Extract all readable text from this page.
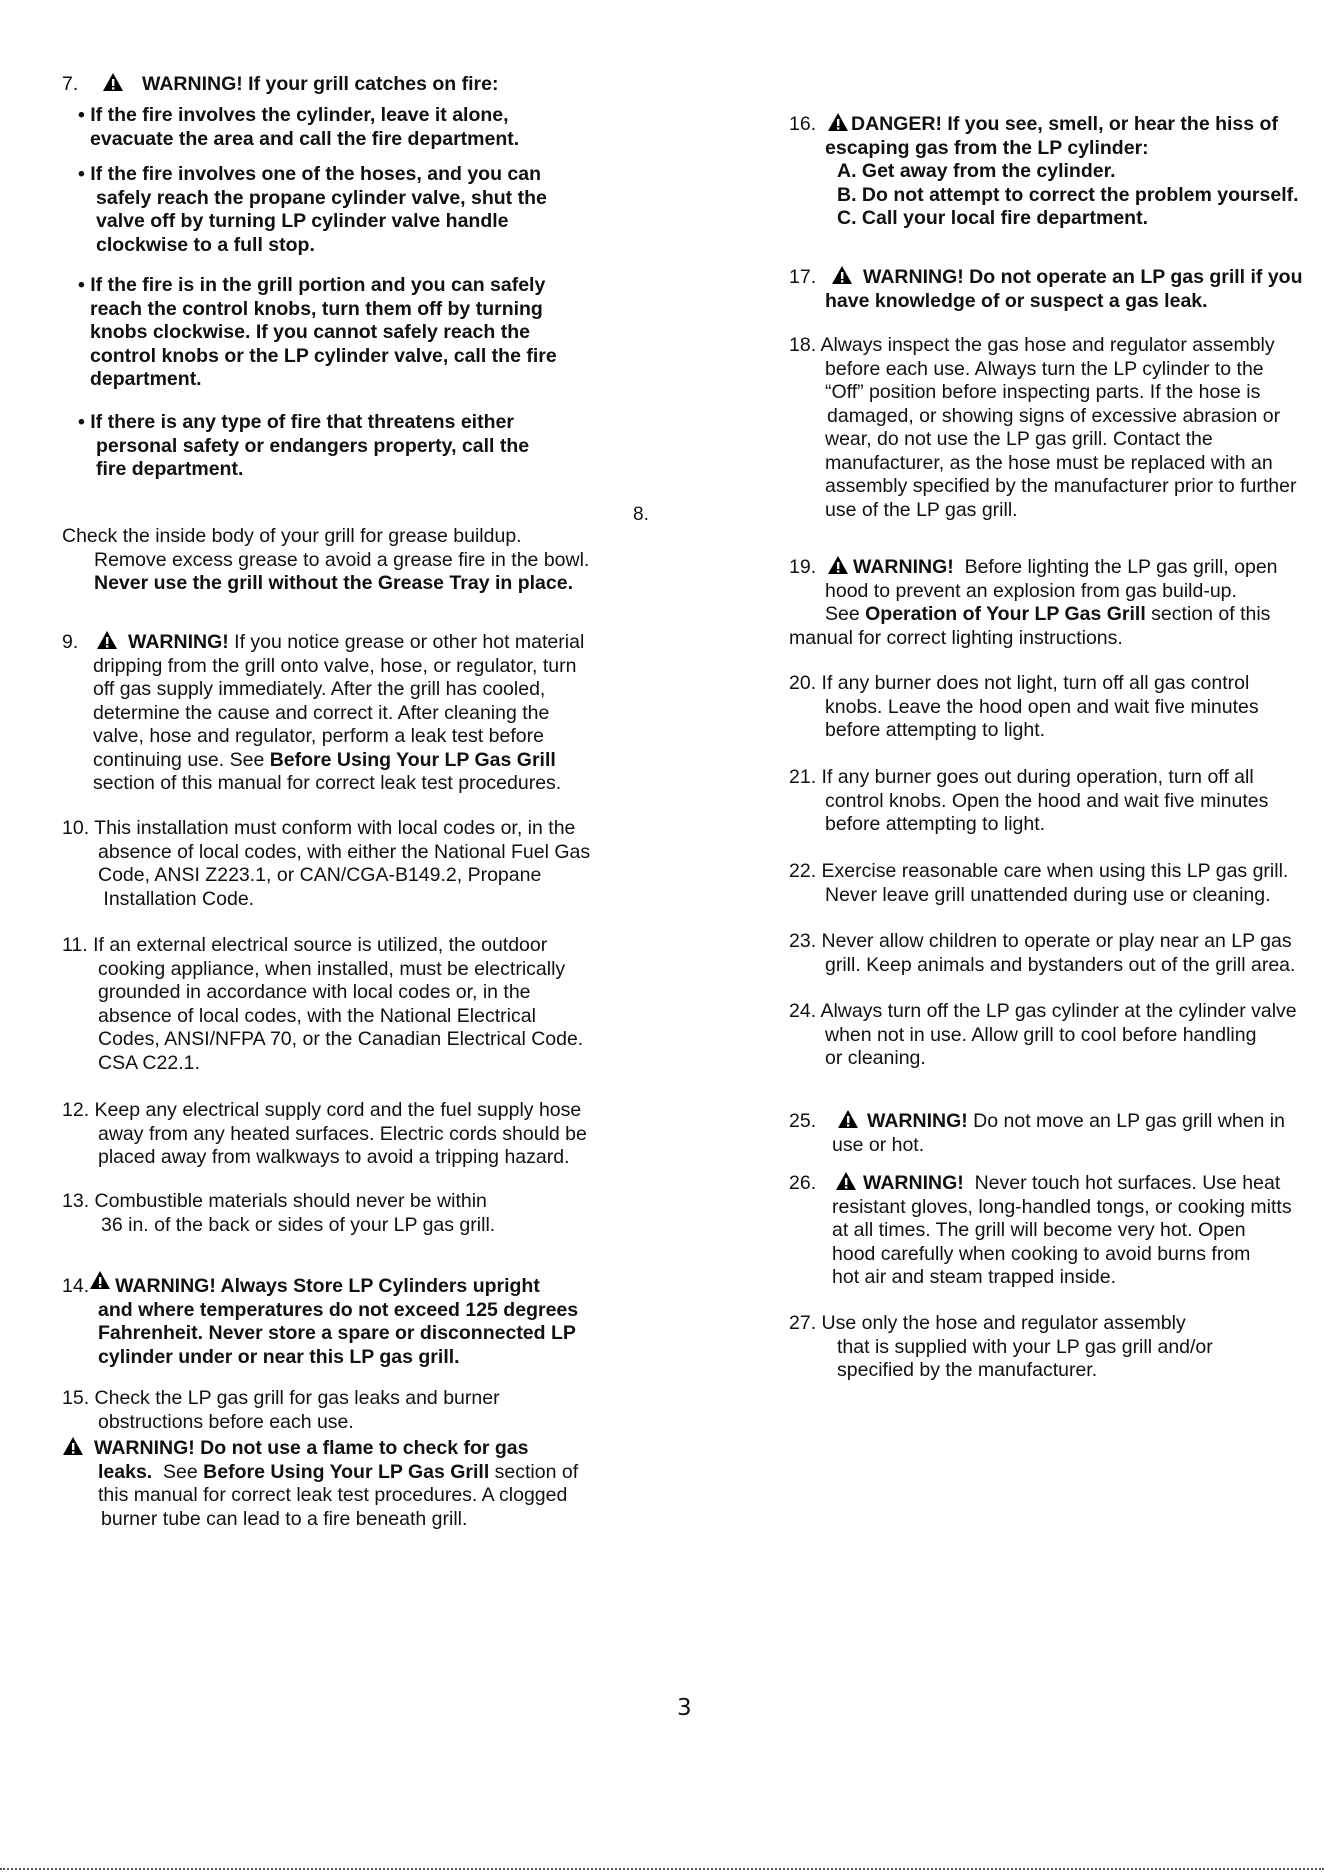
7.	WARNING! If your grill catches on fire:
• If the fire involves the cylinder, leave it alone,
evacuate the area and call the fire department.
• If the fire involves one of the hoses, and you can
safely reach the propane cylinder valve, shut the
valve off by turning LP cylinder valve handle
clockwise to a full stop.
• If the fire is in the grill portion and you can safely
reach the control knobs, turn them off by turning
knobs clockwise. If you cannot safely reach the
control knobs or the LP cylinder valve, call the fire
department.
• If there is any type of fire that threatens either
personal safety or endangers property, call the
fire department.
8.
Check the inside body of your grill for grease buildup.
Remove excess grease to avoid a grease fire in the bowl.
Never use the grill without the Grease Tray in place.
9.	WARNING! If you notice grease or other hot material
dripping from the grill onto valve, hose, or regulator, turn
off gas supply immediately. After the grill has cooled,
determine the cause and correct it. After cleaning the
valve, hose and regulator, perform a leak test before
continuing use. See Before Using Your LP Gas Grill
section of this manual for correct leak test procedures.
10. This installation must conform with local codes or, in the
absence of local codes, with either the National Fuel Gas
Code, ANSI Z223.1, or CAN/CGA-B149.2, Propane
Installation Code.
11. If an external electrical source is utilized, the outdoor
cooking appliance, when installed, must be electrically
grounded in accordance with local codes or, in the
absence of local codes, with the National Electrical
Codes, ANSI/NFPA 70, or the Canadian Electrical Code.
CSA C22.1.
12. Keep any electrical supply cord and the fuel supply hose
away from any heated surfaces. Electric cords should be
placed away from walkways to avoid a tripping hazard.
13. Combustible materials should never be within
36 in. of the back or sides of your LP gas grill.
14. WARNING! Always Store LP Cylinders upright
and where temperatures do not exceed 125 degrees
Fahrenheit. Never store a spare or disconnected LP
cylinder under or near this LP gas grill.
15. Check the LP gas grill for gas leaks and burner
obstructions before each use.
WARNING! Do not use a flame to check for gas
leaks.  See Before Using Your LP Gas Grill section of
this manual for correct leak test procedures. A clogged
burner tube can lead to a fire beneath grill.
16. DANGER! If you see, smell, or hear the hiss of
escaping gas from the LP cylinder:
A. Get away from the cylinder.
B. Do not attempt to correct the problem yourself.
C. Call your local fire department.
17. WARNING! Do not operate an LP gas grill if you
have knowledge of or suspect a gas leak.
18. Always inspect the gas hose and regulator assembly
before each use. Always turn the LP cylinder to the
“Off” position before inspecting parts. If the hose is
damaged, or showing signs of excessive abrasion or
wear, do not use the LP gas grill. Contact the
manufacturer, as the hose must be replaced with an
assembly specified by the manufacturer prior to further
use of the LP gas grill.
19. WARNING!  Before lighting the LP gas grill, open
hood to prevent an explosion from gas build-up.
See Operation of Your LP Gas Grill section of this
manual for correct lighting instructions.
20. If any burner does not light, turn off all gas control
knobs. Leave the hood open and wait five minutes
before attempting to light.
21. If any burner goes out during operation, turn off all
control knobs. Open the hood and wait five minutes
before attempting to light.
22. Exercise reasonable care when using this LP gas grill.
Never leave grill unattended during use or cleaning.
23. Never allow children to operate or play near an LP gas
grill. Keep animals and bystanders out of the grill area.
24. Always turn off the LP gas cylinder at the cylinder valve
when not in use. Allow grill to cool before handling
or cleaning.
25.	WARNING! Do not move an LP gas grill when in
use or hot.
26. WARNING!  Never touch hot surfaces. Use heat
resistant gloves, long-handled tongs, or cooking mitts
at all times. The grill will become very hot. Open
hood carefully when cooking to avoid burns from
hot air and steam trapped inside.
27. Use only the hose and regulator assembly
that is supplied with your LP gas grill and/or
specified by the manufacturer.
3
